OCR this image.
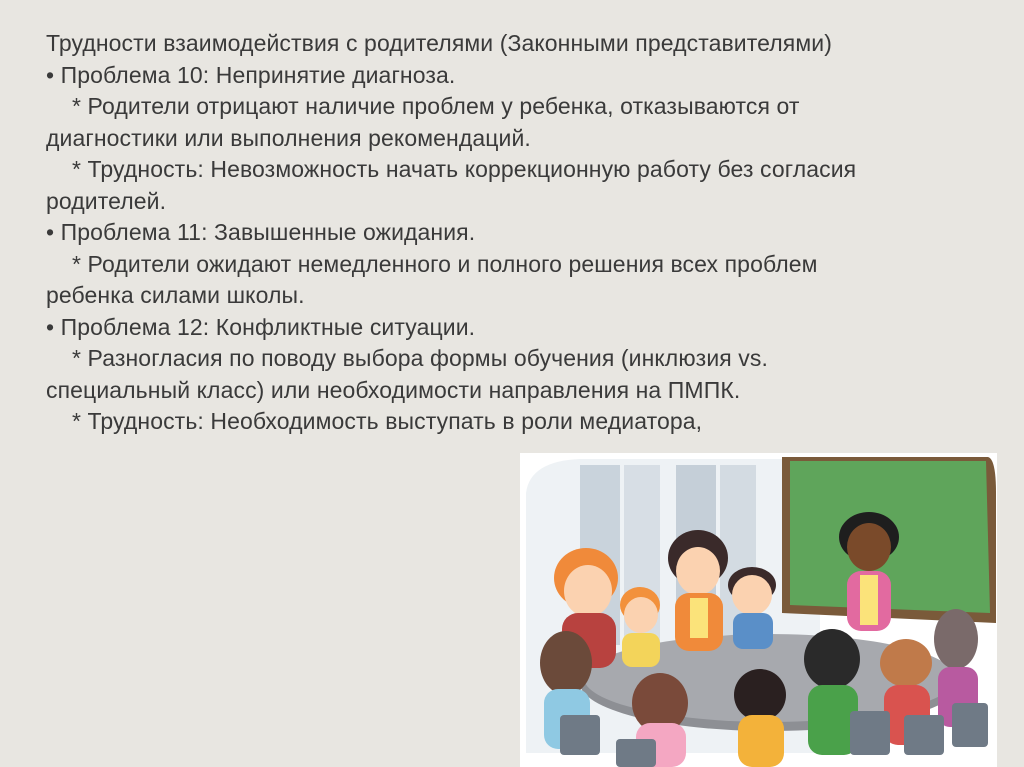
Трудности взаимодействия с родителями (Законными представителями)
• Проблема 10: Непринятие диагноза.
* Родители отрицают наличие проблем у ребенка, отказываются от
диагностики или выполнения рекомендаций.
* Трудность: Невозможность начать коррекционную работу без согласия
родителей.
• Проблема 11: Завышенные ожидания.
* Родители ожидают немедленного и полного решения всех проблем
ребенка силами школы.
• Проблема 12: Конфликтные ситуации.
* Разногласия по поводу выбора формы обучения (инклюзия vs.
специальный класс) или необходимости направления на ПМПК.
* Трудность: Необходимость выступать в роли медиатора,
